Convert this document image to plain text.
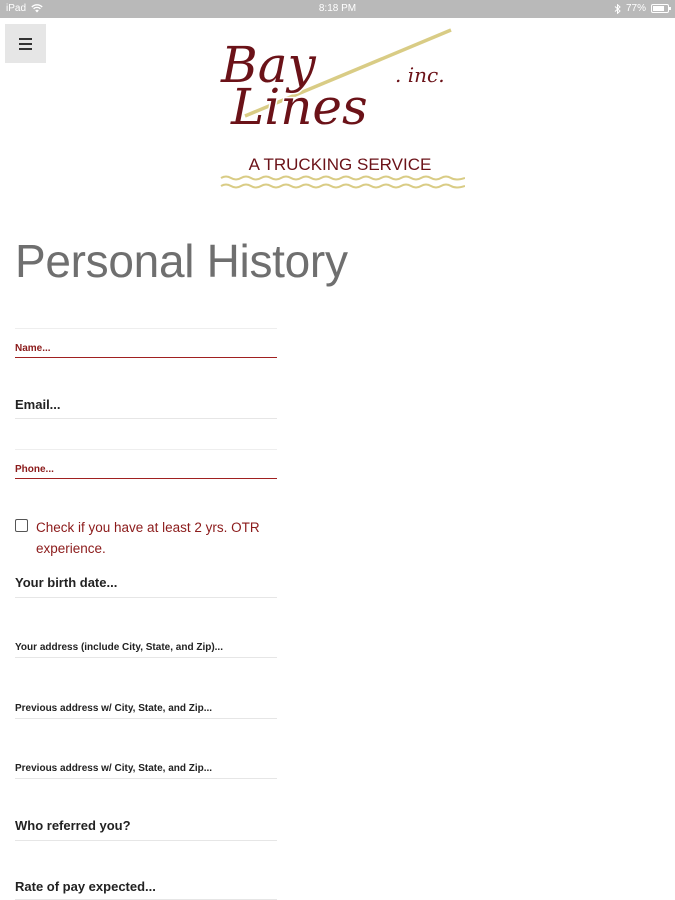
iPad	8:18 PM	77%
Bay
Lines
. inc.
A TRUCKING SERVICE
Personal History
Name...
Email...
Phone...
Check if you have at least 2 yrs. OTR experience.
Your birth date...
Your address (include City, State, and Zip)...
Previous address w/ City, State, and Zip...
Previous address w/ City, State, and Zip...
Who referred you?
Rate of pay expected...
